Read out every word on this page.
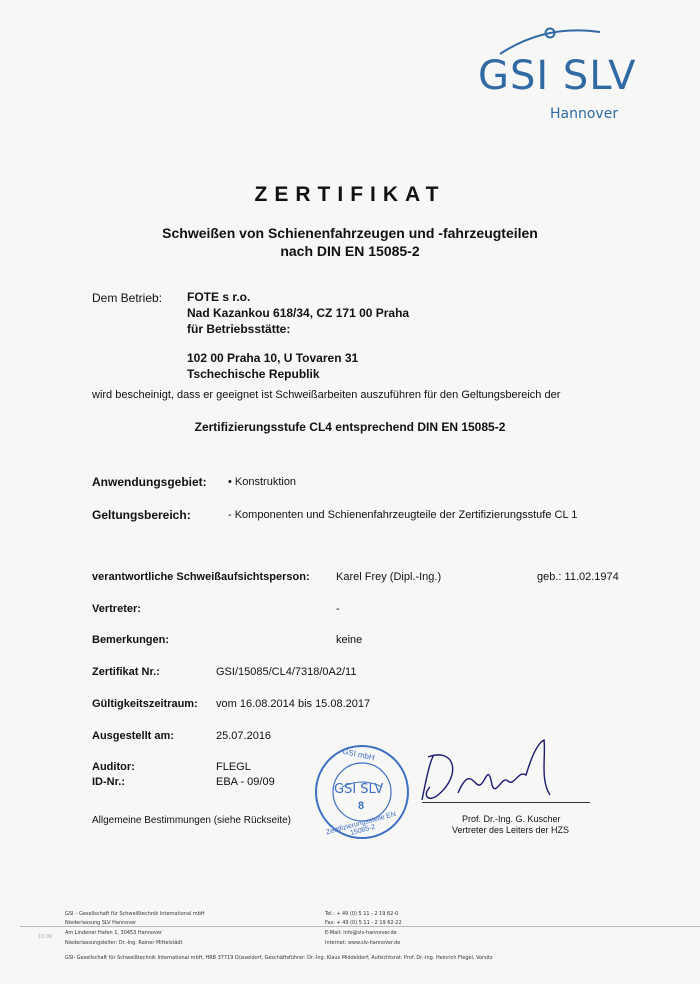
GSI SLV
Hannover
ZERTIFIKAT
Schweißen von Schienenfahrzeugen und -fahrzeugteilen
nach DIN EN 15085-2
Dem Betrieb: FOTE s r.o.
Nad Kazankou 618/34, CZ 171 00 Praha
für Betriebsstätte:
102 00 Praha 10, U Tovaren 31
Tschechische Republik
wird bescheinigt, dass er geeignet ist Schweißarbeiten auszuführen für den Geltungsbereich der
Zertifizierungsstufe CL4 entsprechend DIN EN 15085-2
Anwendungsgebiet: • Konstruktion
Geltungsbereich:	- Komponenten und Schienenfahrzeugteile der Zertifizierungsstufe CL 1
verantwortliche Schweißaufsichtsperson: Karel Frey (Dipl.-Ing.)	geb.: 11.02.1974
Vertreter:	-
Bemerkungen:	keine
Zertifikat Nr.:	GSI/15085/CL4/7318/0A2/11
Gültigkeitszeitraum: vom 16.08.2014 bis 15.08.2017
Ausgestellt am:	25.07.2016
Auditor:	FLEGL
ID-Nr.:	EBA - 09/09
Allgemeine Bestimmungen (siehe Rückseite)
GSI mbH
GSI SLV
8
Zertifizierungsstelle EN 15085-2
Prof. Dr.-Ing. G. Kuscher
Vertreter des Leiters der HZS
GSI – Gesellschaft für Schweißtechnik International mbH
Niederlassung SLV Hannover
Am Lindener Hafen 1, 30453 Hannover
Niederlassungsleiter: Dr.-Ing. Rainer Mittelstädt
Tel.: + 49 (0) 5 11 - 2 19 62-0
Fax: + 49 (0) 5 11 - 2 19 62-22
E-Mail: info@slv-hannover.de
Internet: www.slv-hannover.de
GSI- Gesellschaft für Schweißtechnik International mbH, HRB 37719 Düsseldorf, Geschäftsführer: Dr.-Ing. Klaus Middeldorf; Aufsichtsrat: Prof. Dr.-Ing. Heinrich Flegel, Vorsitz
10.09
